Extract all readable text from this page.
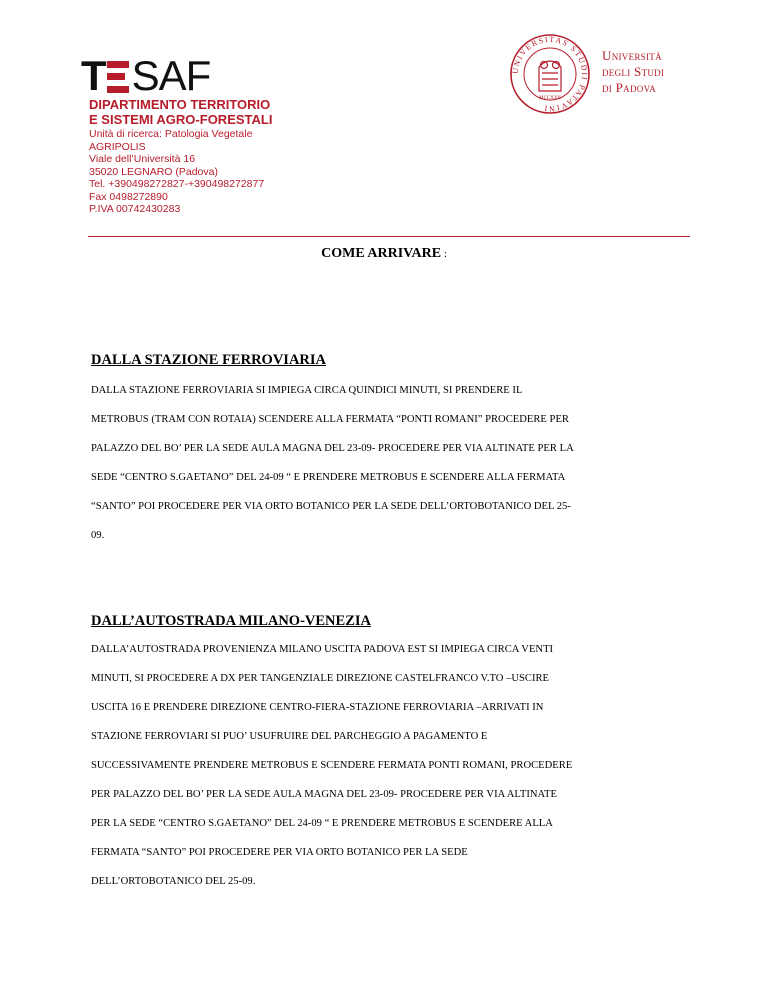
T SAF
DIPARTIMENTO TERRITORIO
E SISTEMI AGRO-FORESTALI
Unità di ricerca: Patologia Vegetale
AGRIPOLIS
Viale dell’Università 16
35020 LEGNARO (Padova)
Tel. +390498272827-+390498272877
Fax 0498272890
P.IVA 00742430283
UNIVERSITAS STUDII PATAVINI
MCCXXII
Università
degli Studi
di Padova
COME ARRIVARE :
DALLA STAZIONE FERROVIARIA
DALLA STAZIONE FERROVIARIA SI IMPIEGA CIRCA QUINDICI MINUTI, SI PRENDERE IL
METROBUS (TRAM CON ROTAIA) SCENDERE ALLA FERMATA “PONTI ROMANI” PROCEDERE PER
PALAZZO DEL BO’ PER LA SEDE AULA MAGNA DEL 23-09- PROCEDERE PER VIA ALTINATE PER LA
SEDE “CENTRO S.GAETANO” DEL 24-09 “ E PRENDERE METROBUS E SCENDERE ALLA FERMATA
“SANTO” POI PROCEDERE PER VIA ORTO BOTANICO PER LA SEDE DELL’ORTOBOTANICO DEL 25-
09.
DALL’AUTOSTRADA MILANO-VENEZIA
DALLA’AUTOSTRADA PROVENIENZA MILANO USCITA PADOVA EST SI IMPIEGA CIRCA VENTI
MINUTI, SI PROCEDERE A DX PER TANGENZIALE DIREZIONE CASTELFRANCO V.TO –USCIRE
USCITA 16 E PRENDERE DIREZIONE CENTRO-FIERA-STAZIONE FERROVIARIA –ARRIVATI IN
STAZIONE FERROVIARI SI PUO’ USUFRUIRE DEL PARCHEGGIO A PAGAMENTO E
SUCCESSIVAMENTE PRENDERE METROBUS E SCENDERE FERMATA PONTI ROMANI, PROCEDERE
PER PALAZZO DEL BO’ PER LA SEDE AULA MAGNA DEL 23-09- PROCEDERE PER VIA ALTINATE
PER LA SEDE “CENTRO S.GAETANO” DEL 24-09 “ E PRENDERE METROBUS E SCENDERE ALLA
FERMATA “SANTO” POI PROCEDERE PER VIA ORTO BOTANICO PER LA SEDE
DELL’ORTOBOTANICO DEL 25-09.
